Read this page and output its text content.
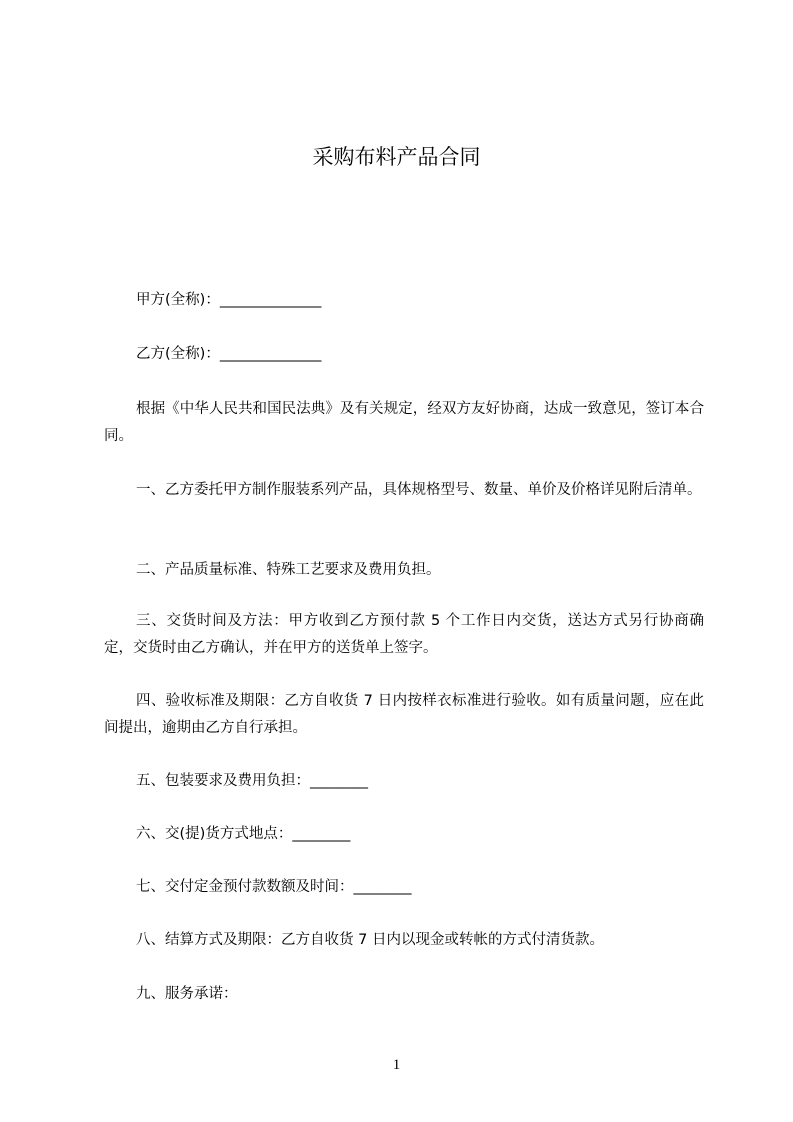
采购布料产品合同
甲方(全称)：______________
乙方(全称)：______________
根据《中华人民共和国民法典》及有关规定，经双方友好协商，达成一致意见，签订本合同。
一、乙方委托甲方制作服装系列产品，具体规格型号、数量、单价及价格详见附后清单。
二、产品质量标准、特殊工艺要求及费用负担。
三、交货时间及方法：甲方收到乙方预付款 5 个工作日内交货，送达方式另行协商确定，交货时由乙方确认，并在甲方的送货单上签字。
四、验收标准及期限：乙方自收货 7 日内按样衣标准进行验收。如有质量问题，应在此间提出，逾期由乙方自行承担。
五、包装要求及费用负担：________
六、交(提)货方式地点：________
七、交付定金预付款数额及时间：________
八、结算方式及期限：乙方自收货 7 日内以现金或转帐的方式付清货款。
九、服务承诺：
1
